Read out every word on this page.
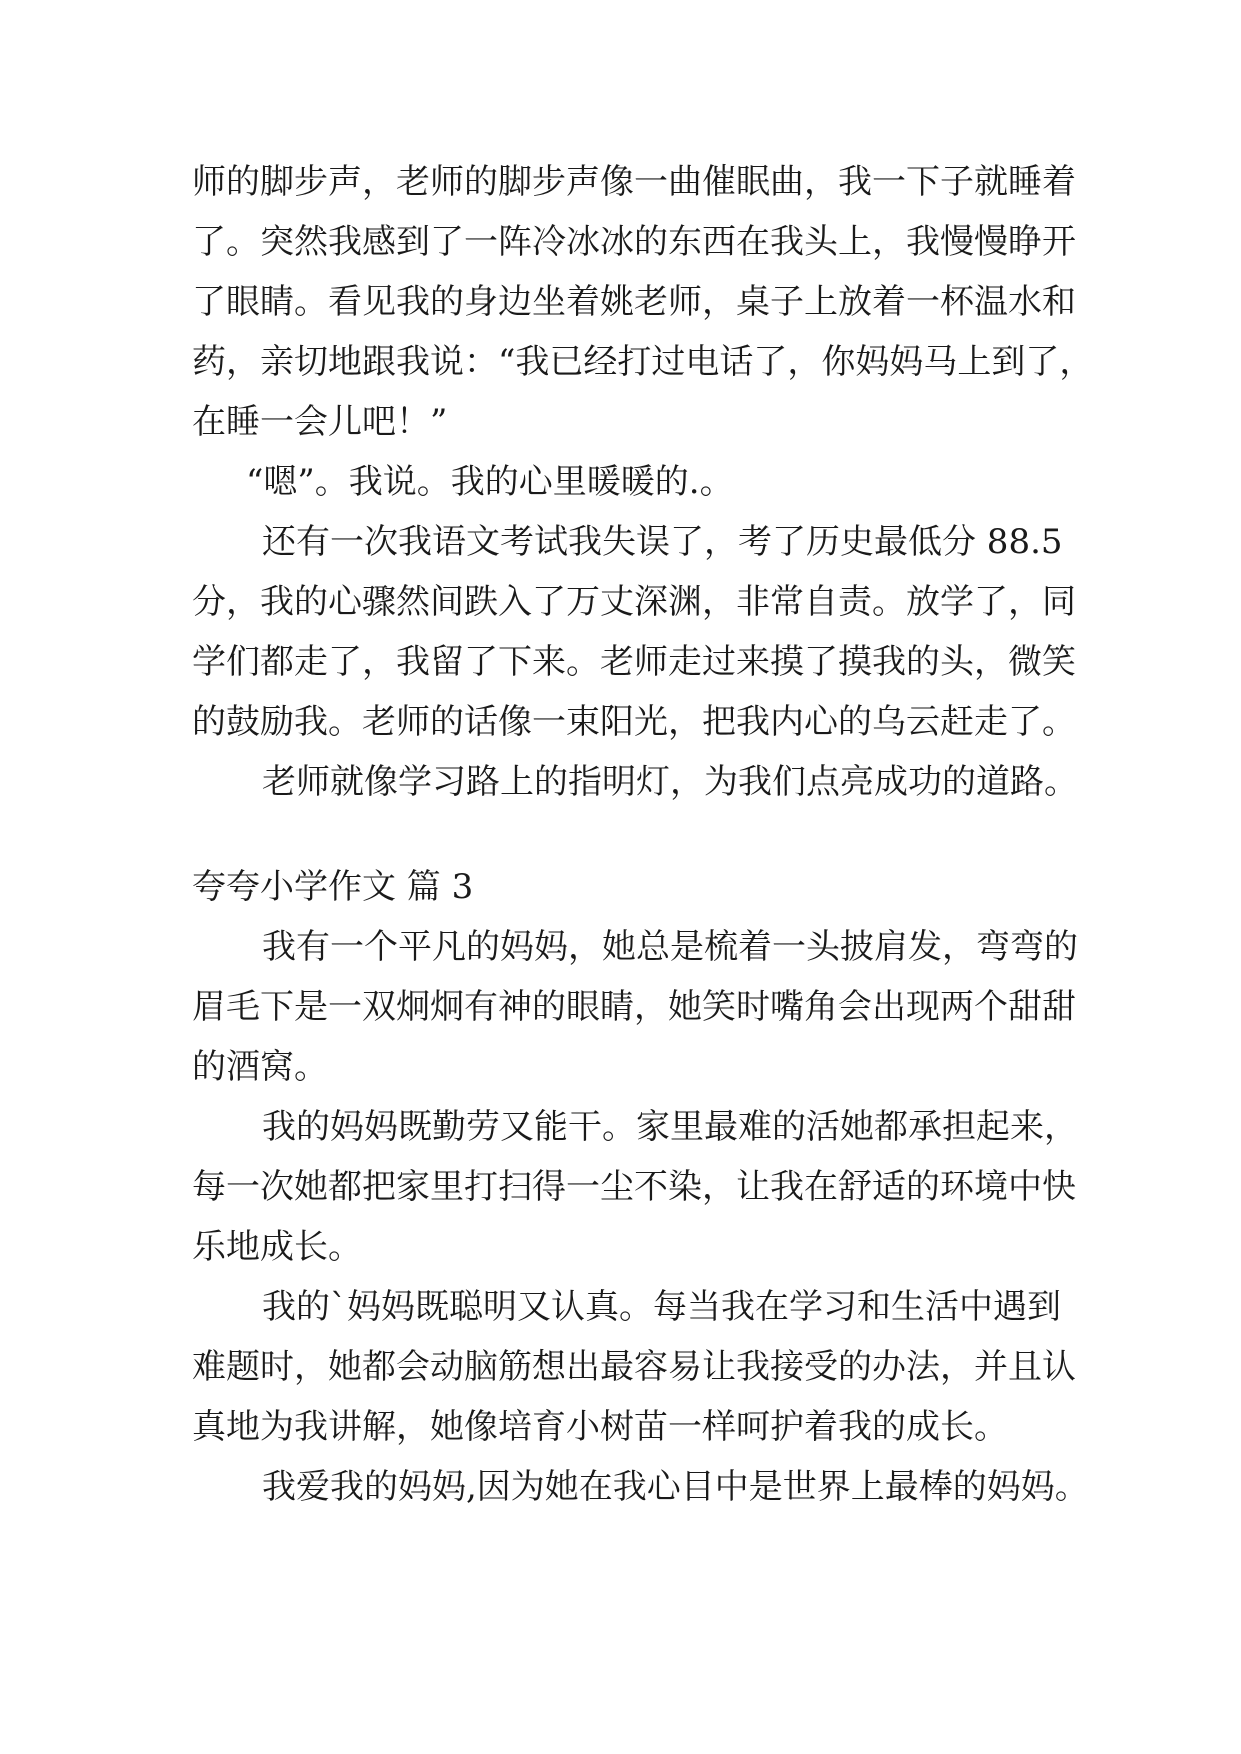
师的脚步声，老师的脚步声像一曲催眠曲，我一下子就睡着

了。突然我感到了一阵冷冰冰的东西在我头上，我慢慢睁开

了眼睛。看见我的身边坐着姚老师，桌子上放着一杯温水和

药，亲切地跟我说：“我已经打过电话了，你妈妈马上到了，

在睡一会儿吧！”

“嗯”。我说。我的心里暖暖的.。

还有一次我语文考试我失误了，考了历史最低分 88.5

分，我的心骤然间跌入了万丈深渊，非常自责。放学了，同

学们都走了，我留了下来。老师走过来摸了摸我的头，微笑

的鼓励我。老师的话像一束阳光，把我内心的乌云赶走了。

老师就像学习路上的指明灯，为我们点亮成功的道路。

夸夸小学作文 篇 3

我有一个平凡的妈妈，她总是梳着一头披肩发，弯弯的

眉毛下是一双炯炯有神的眼睛，她笑时嘴角会出现两个甜甜

的酒窝。

我的妈妈既勤劳又能干。家里最难的活她都承担起来，

每一次她都把家里打扫得一尘不染，让我在舒适的环境中快

乐地成长。

我的`妈妈既聪明又认真。每当我在学习和生活中遇到

难题时，她都会动脑筋想出最容易让我接受的办法，并且认

真地为我讲解，她像培育小树苗一样呵护着我的成长。

我爱我的妈妈,因为她在我心目中是世界上最棒的妈妈。
